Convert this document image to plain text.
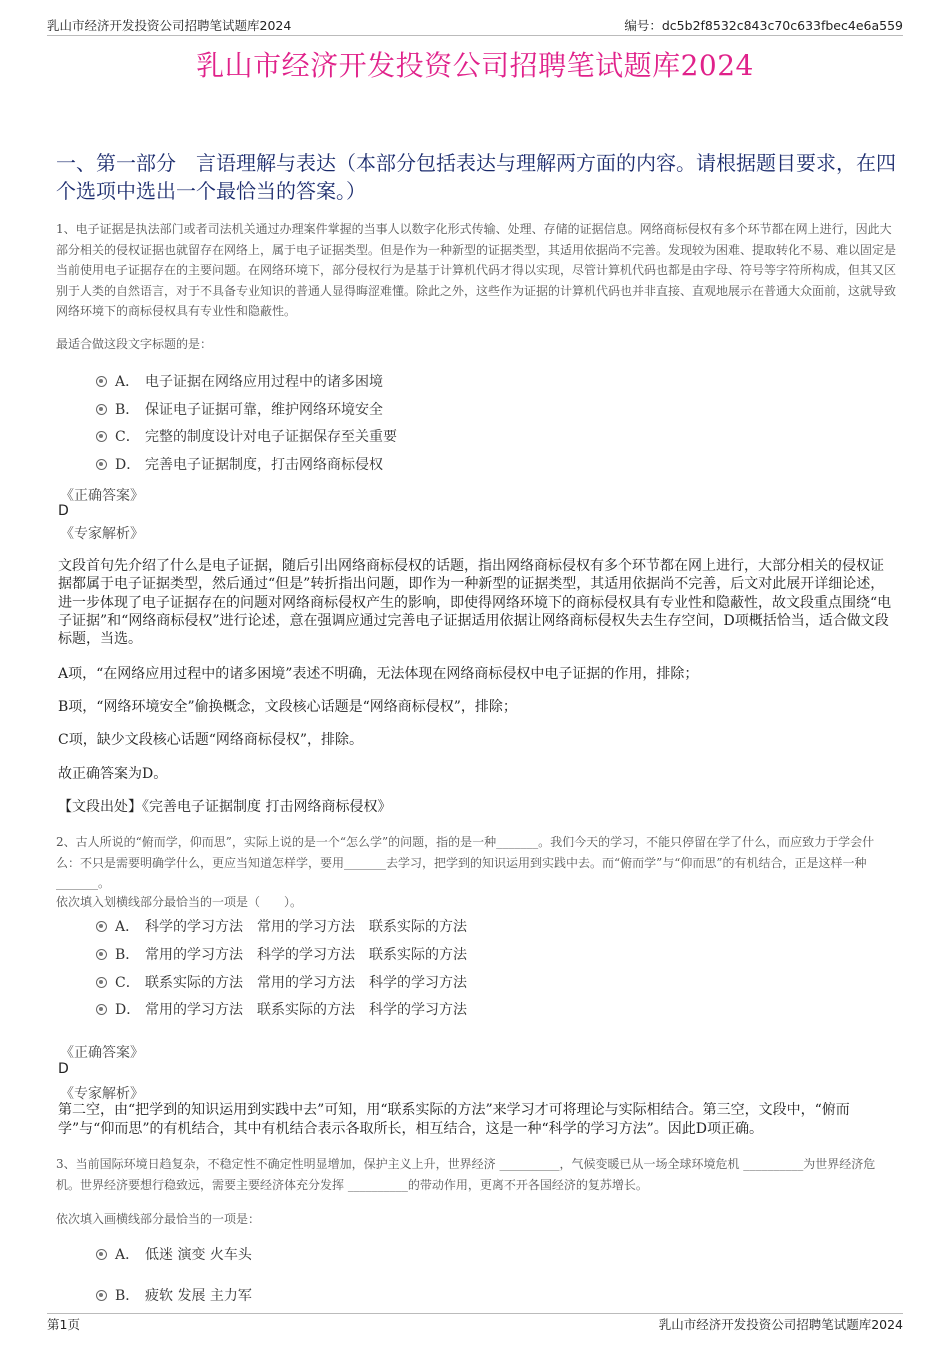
乳山市经济开发投资公司招聘笔试题库2024	编号：dc5b2f8532c843c70c633fbec4e6a559
乳山市经济开发投资公司招聘笔试题库2024
一、第一部分　言语理解与表达（本部分包括表达与理解两方面的内容。请根据题目要求，在四个选项中选出一个最恰当的答案。）
1、电子证据是执法部门或者司法机关通过办理案件掌握的当事人以数字化形式传输、处理、存储的证据信息。网络商标侵权有多个环节都在网上进行，因此大部分相关的侵权证据也就留存在网络上，属于电子证据类型。但是作为一种新型的证据类型，其适用依据尚不完善。发现较为困难、提取转化不易、难以固定是当前使用电子证据存在的主要问题。在网络环境下，部分侵权行为是基于计算机代码才得以实现，尽管计算机代码也都是由字母、符号等字符所构成，但其又区别于人类的自然语言，对于不具备专业知识的普通人显得晦涩难懂。除此之外，这些作为证据的计算机代码也并非直接、直观地展示在普通大众面前，这就导致网络环境下的商标侵权具有专业性和隐蔽性。
最适合做这段文字标题的是：
A． 电子证据在网络应用过程中的诸多困境
B． 保证电子证据可靠，维护网络环境安全
C． 完整的制度设计对电子证据保存至关重要
D． 完善电子证据制度，打击网络商标侵权
《正确答案》
D
《专家解析》
文段首句先介绍了什么是电子证据，随后引出网络商标侵权的话题，指出网络商标侵权有多个环节都在网上进行，大部分相关的侵权证据都属于电子证据类型，然后通过“但是”转折指出问题，即作为一种新型的证据类型，其适用依据尚不完善，后文对此展开详细论述，进一步体现了电子证据存在的问题对网络商标侵权产生的影响，即使得网络环境下的商标侵权具有专业性和隐蔽性，故文段重点围绕“电子证据”和“网络商标侵权”进行论述，意在强调应通过完善电子证据适用依据让网络商标侵权失去生存空间，D项概括恰当，适合做文段标题，当选。
A项，“在网络应用过程中的诸多困境”表述不明确，无法体现在网络商标侵权中电子证据的作用，排除；
B项，“网络环境安全”偷换概念，文段核心话题是“网络商标侵权”，排除；
C项，缺少文段核心话题“网络商标侵权”，排除。
故正确答案为D。
【文段出处】《完善电子证据制度 打击网络商标侵权》
2、古人所说的“俯而学，仰而思”，实际上说的是一个“怎么学”的问题，指的是一种_______。我们今天的学习，不能只停留在学了什么，而应致力于学会什么：不只是需要明确学什么，更应当知道怎样学，要用_______去学习，把学到的知识运用到实践中去。而“俯而学”与“仰而思”的有机结合，正是这样一种_______。
依次填入划横线部分最恰当的一项是（　　）。
A． 科学的学习方法　常用的学习方法　联系实际的方法
B． 常用的学习方法　科学的学习方法　联系实际的方法
C． 联系实际的方法　常用的学习方法　科学的学习方法
D． 常用的学习方法　联系实际的方法　科学的学习方法
《正确答案》
D
《专家解析》
第二空，由“把学到的知识运用到实践中去”可知，用“联系实际的方法”来学习才可将理论与实际相结合。第三空，文段中，“俯而学”与“仰而思”的有机结合，其中有机结合表示各取所长，相互结合，这是一种“科学的学习方法”。因此D项正确。
3、当前国际环境日趋复杂，不稳定性不确定性明显增加，保护主义上升，世界经济 __________，气候变暖已从一场全球环境危机 __________为世界经济危机。世界经济要想行稳致远，需要主要经济体充分发挥 __________的带动作用，更离不开各国经济的复苏增长。
依次填入画横线部分最恰当的一项是：
A． 低迷 演变 火车头
B． 疲软 发展 主力军
第1页	乳山市经济开发投资公司招聘笔试题库2024
